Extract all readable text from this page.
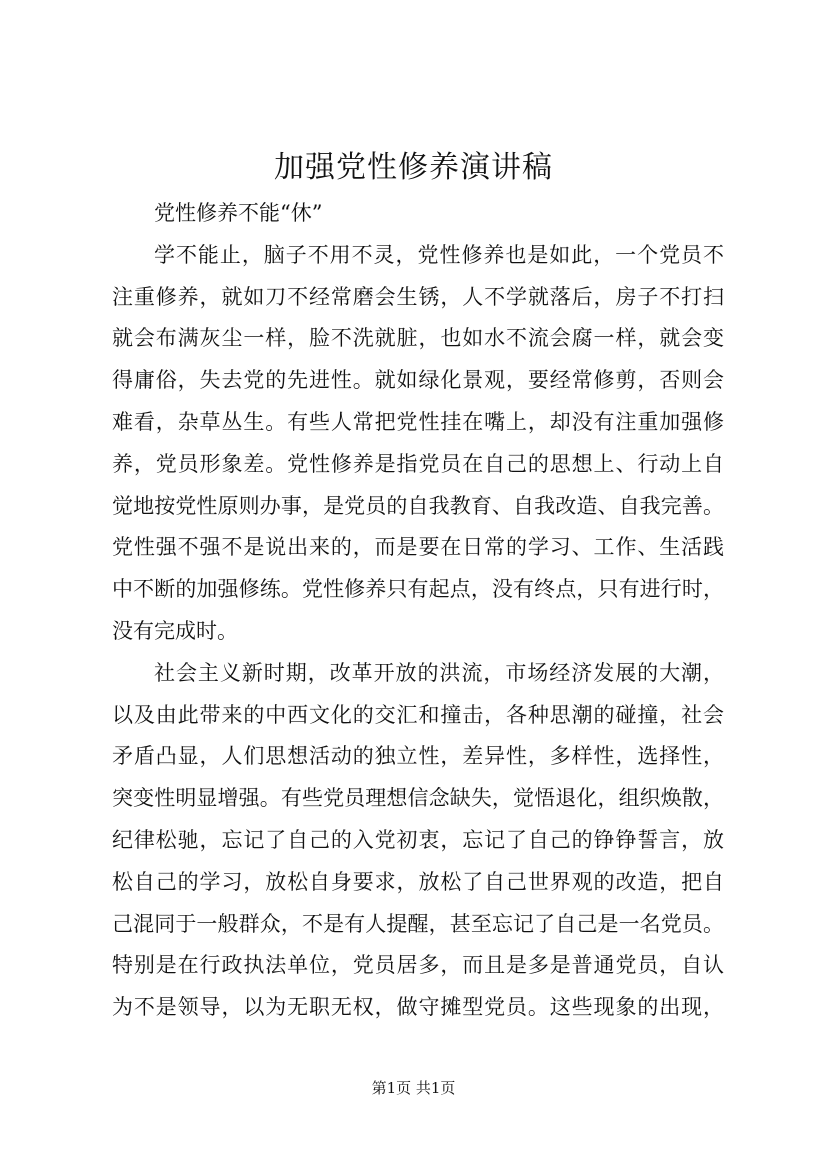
加强党性修养演讲稿
党性修养不能“休”
学不能止，脑子不用不灵，党性修养也是如此，一个党员不
注重修养，就如刀不经常磨会生锈，人不学就落后，房子不打扫
就会布满灰尘一样，脸不洗就脏，也如水不流会腐一样，就会变
得庸俗，失去党的先进性。就如绿化景观，要经常修剪，否则会
难看，杂草丛生。有些人常把党性挂在嘴上，却没有注重加强修
养，党员形象差。党性修养是指党员在自己的思想上、行动上自
觉地按党性原则办事，是党员的自我教育、自我改造、自我完善。
党性强不强不是说出来的，而是要在日常的学习、工作、生活践
中不断的加强修练。党性修养只有起点，没有终点，只有进行时，
没有完成时。
社会主义新时期，改革开放的洪流，市场经济发展的大潮，
以及由此带来的中西文化的交汇和撞击，各种思潮的碰撞，社会
矛盾凸显，人们思想活动的独立性，差异性，多样性，选择性，
突变性明显增强。有些党员理想信念缺失，觉悟退化，组织焕散，
纪律松驰，忘记了自己的入党初衷，忘记了自己的铮铮誓言，放
松自己的学习，放松自身要求，放松了自己世界观的改造，把自
己混同于一般群众，不是有人提醒，甚至忘记了自己是一名党员。
特别是在行政执法单位，党员居多，而且是多是普通党员，自认
为不是领导，以为无职无权，做守摊型党员。这些现象的出现，
第1页 共1页
